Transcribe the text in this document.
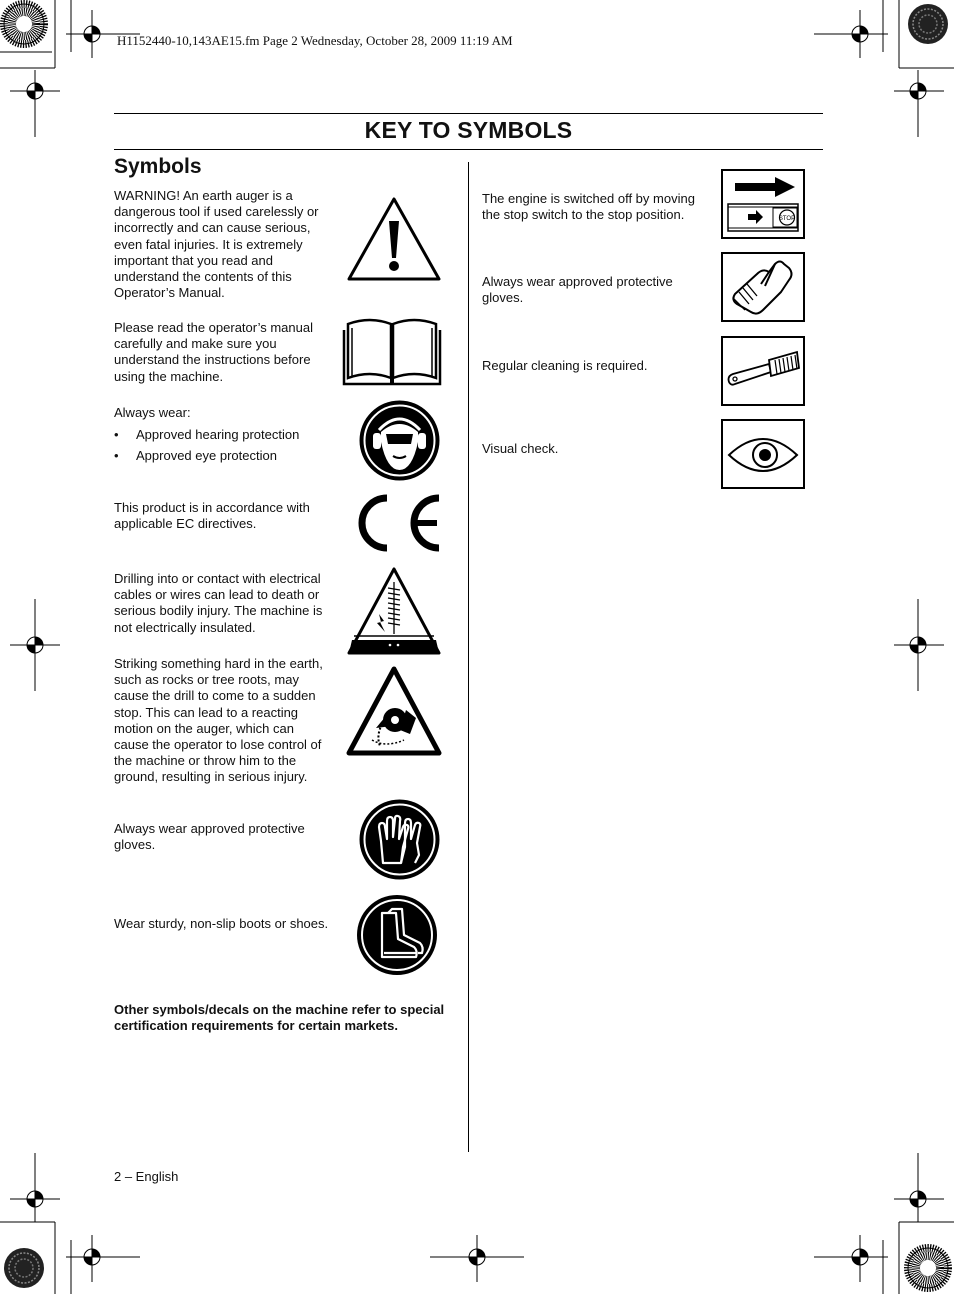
H1152440-10,143AE15.fm Page 2 Wednesday, October 28, 2009 11:19 AM
KEY TO SYMBOLS
Symbols
WARNING! An earth auger is a dangerous tool if used carelessly or incorrectly and can cause serious, even fatal injuries. It is extremely important that you read and understand the contents of this Operator’s Manual.
Please read the operator’s manual carefully and make sure you understand the instructions before using the machine.
Always wear:
• Approved hearing protection
• Approved eye protection
This product is in accordance with applicable EC directives.
Drilling into or contact with electrical cables or wires can lead to death or serious bodily injury. The machine is not electrically insulated.
Striking something hard in the earth, such as rocks or tree roots, may cause the drill to come to a sudden stop. This can lead to a reacting motion on the auger, which can cause the operator to lose control of the machine or throw him to the ground, resulting in serious injury.
Always wear approved protective gloves.
Wear sturdy, non-slip boots or shoes.
Other symbols/decals on the machine refer to special certification requirements for certain markets.
The engine is switched off by moving the stop switch to the stop position.
Always wear approved protective gloves.
Regular cleaning is required.
Visual check.
STOP
2 – English
